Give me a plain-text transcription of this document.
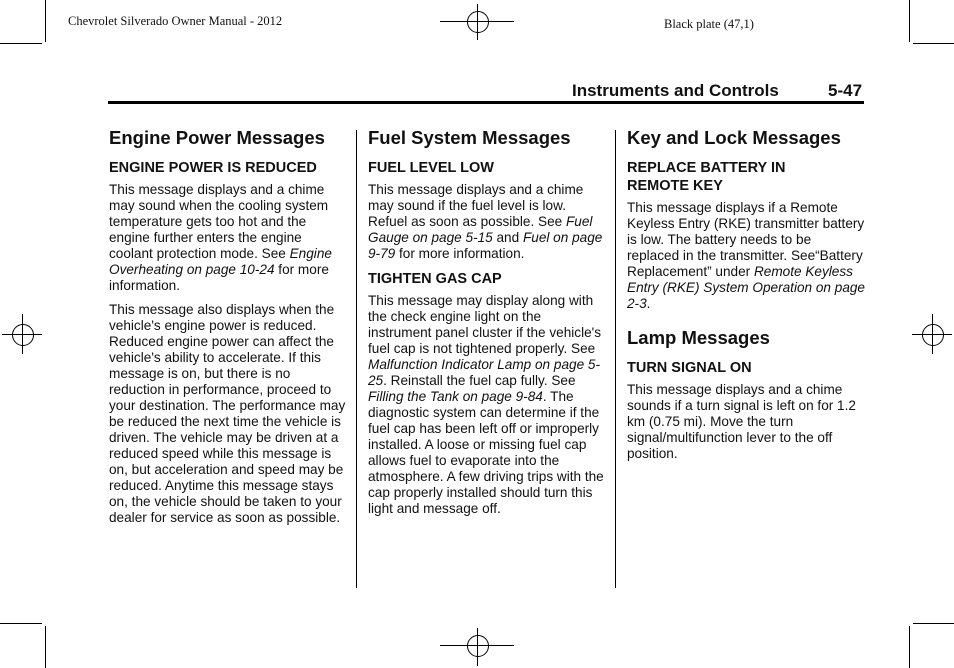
Chevrolet Silverado Owner Manual - 2012	Black plate (47,1)
Instruments and Controls	5-47
Engine Power Messages
ENGINE POWER IS REDUCED

This message displays and a chime may sound when the cooling system temperature gets too hot and the engine further enters the engine coolant protection mode. See Engine Overheating on page 10-24 for more information.

This message also displays when the vehicle's engine power is reduced. Reduced engine power can affect the vehicle's ability to accelerate. If this message is on, but there is no reduction in performance, proceed to your destination. The performance may be reduced the next time the vehicle is driven. The vehicle may be driven at a reduced speed while this message is on, but acceleration and speed may be reduced. Anytime this message stays on, the vehicle should be taken to your dealer for service as soon as possible.

Fuel System Messages
FUEL LEVEL LOW

This message displays and a chime may sound if the fuel level is low. Refuel as soon as possible. See Fuel Gauge on page 5-15 and Fuel on page 9-79 for more information.

TIGHTEN GAS CAP

This message may display along with the check engine light on the instrument panel cluster if the vehicle's fuel cap is not tightened properly. See Malfunction Indicator Lamp on page 5-25. Reinstall the fuel cap fully. See Filling the Tank on page 9-84. The diagnostic system can determine if the fuel cap has been left off or improperly installed. A loose or missing fuel cap allows fuel to evaporate into the atmosphere. A few driving trips with the cap properly installed should turn this light and message off.

Key and Lock Messages
REPLACE BATTERY IN REMOTE KEY

This message displays if a Remote Keyless Entry (RKE) transmitter battery is low. The battery needs to be replaced in the transmitter. See“Battery Replacement” under Remote Keyless Entry (RKE) System Operation on page 2-3.

Lamp Messages
TURN SIGNAL ON

This message displays and a chime sounds if a turn signal is left on for 1.2 km (0.75 mi). Move the turn signal/multifunction lever to the off position.
